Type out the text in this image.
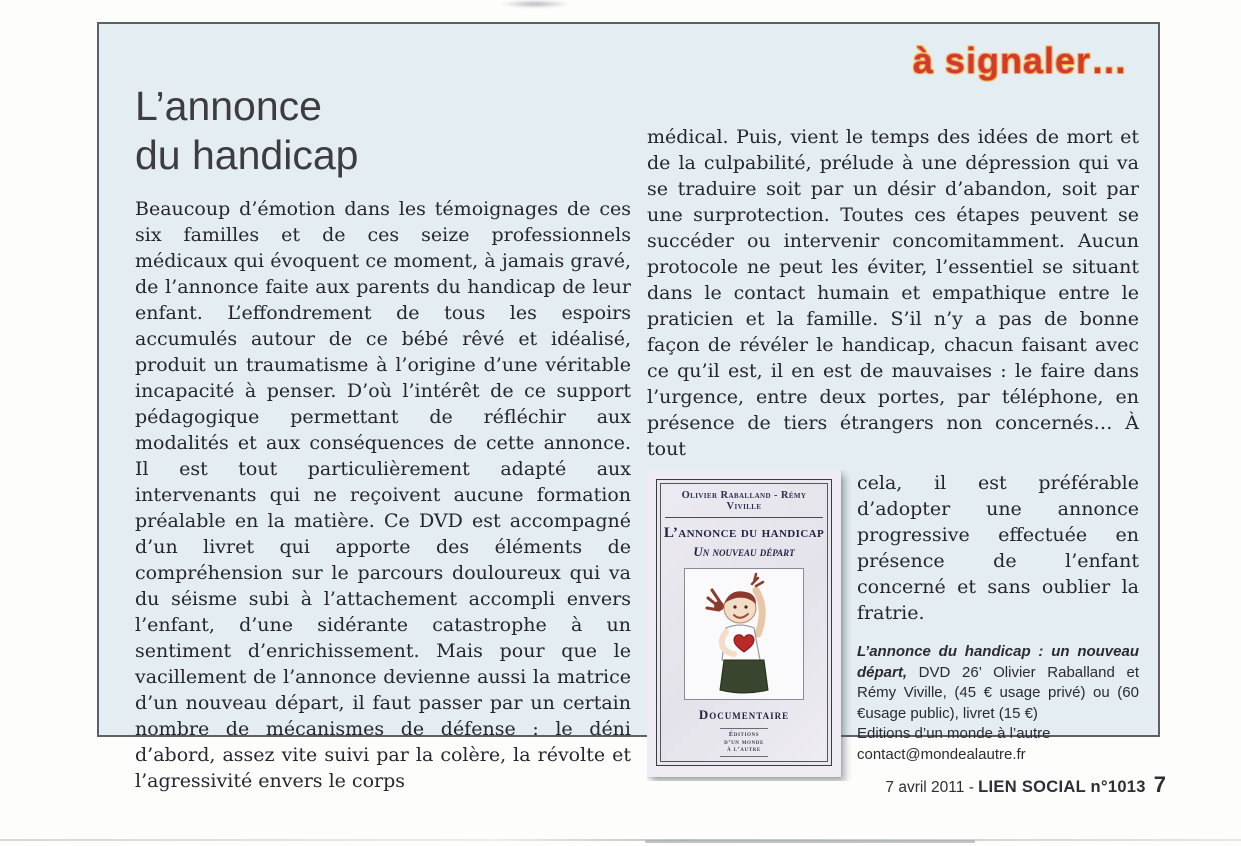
à signaler…
L’annonce
du handicap

Beaucoup d’émotion dans les témoignages de ces six familles et de ces seize professionnels médicaux qui évoquent ce moment, à jamais gravé, de l’annonce faite aux parents du handicap de leur enfant. L’effondrement de tous les espoirs accumulés autour de ce bébé rêvé et idéalisé, produit un traumatisme à l’origine d’une véritable incapacité à penser. D’où l’intérêt de ce support pédagogique permettant de réfléchir aux modalités et aux conséquences de cette annonce. Il est tout particulièrement adapté aux intervenants qui ne reçoivent aucune formation préalable en la matière. Ce DVD est accompagné d’un livret qui apporte des éléments de compréhension sur le parcours douloureux qui va du séisme subi à l’attachement accompli envers l’enfant, d’une sidérante catastrophe à un sentiment d’enrichissement. Mais pour que le vacillement de l’annonce devienne aussi la matrice d’un nouveau départ, il faut passer par un certain nombre de mécanismes de défense : le déni d’abord, assez vite suivi par la colère, la révolte et l’agressivité envers le corps

médical. Puis, vient le temps des idées de mort et de la culpabilité, prélude à une dépression qui va se traduire soit par un désir d’abandon, soit par une surprotection. Toutes ces étapes peuvent se succéder ou intervenir concomitamment. Aucun protocole ne peut les éviter, l’essentiel se situant dans le contact humain et empathique entre le praticien et la famille. S’il n’y a pas de bonne façon de révéler le handicap, chacun faisant avec ce qu’il est, il en est de mauvaises : le faire dans l’urgence, entre deux portes, par téléphone, en présence de tiers étrangers non concernés… À tout

Olivier Raballand - Rémy Viville
L’annonce du handicap
Un nouveau départ
Documentaire
Éditions
d’un monde
à l’autre

cela, il est préférable d’adopter une annonce progressive effectuée en présence de l’enfant concerné et sans oublier la fratrie.

L’annonce du handicap : un nouveau départ, DVD 26’ Olivier Raballand et Rémy Viville, (45 € usage privé) ou (60 €usage public), livret (15 €)
Editions d’un monde à l’autre
contact@mondealautre.fr
7 avril 2011 - LIEN SOCIAL n°1013 7
